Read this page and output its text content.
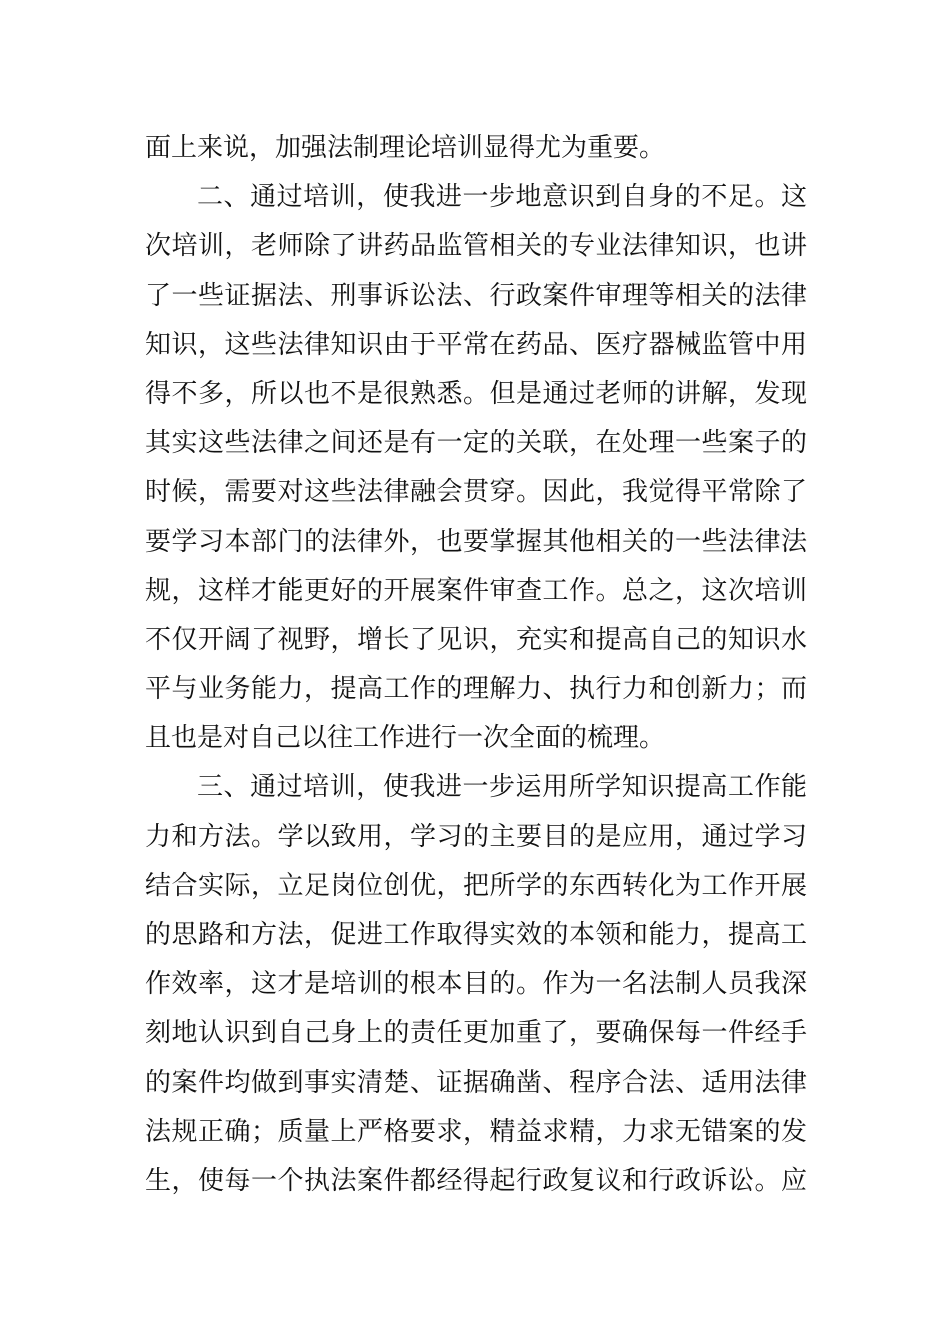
面上来说，加强法制理论培训显得尤为重要。
二、通过培训，使我进一步地意识到自身的不足。这
次培训，老师除了讲药品监管相关的专业法律知识，也讲
了一些证据法、刑事诉讼法、行政案件审理等相关的法律
知识，这些法律知识由于平常在药品、医疗器械监管中用
得不多，所以也不是很熟悉。但是通过老师的讲解，发现
其实这些法律之间还是有一定的关联，在处理一些案子的
时候，需要对这些法律融会贯穿。因此，我觉得平常除了
要学习本部门的法律外，也要掌握其他相关的一些法律法
规，这样才能更好的开展案件审查工作。总之，这次培训
不仅开阔了视野，增长了见识，充实和提高自己的知识水
平与业务能力，提高工作的理解力、执行力和创新力；而
且也是对自己以往工作进行一次全面的梳理。
三、通过培训，使我进一步运用所学知识提高工作能
力和方法。学以致用，学习的主要目的是应用，通过学习
结合实际，立足岗位创优，把所学的东西转化为工作开展
的思路和方法，促进工作取得实效的本领和能力，提高工
作效率，这才是培训的根本目的。作为一名法制人员我深
刻地认识到自己身上的责任更加重了，要确保每一件经手
的案件均做到事实清楚、证据确凿、程序合法、适用法律
法规正确；质量上严格要求，精益求精，力求无错案的发
生，使每一个执法案件都经得起行政复议和行政诉讼。应
